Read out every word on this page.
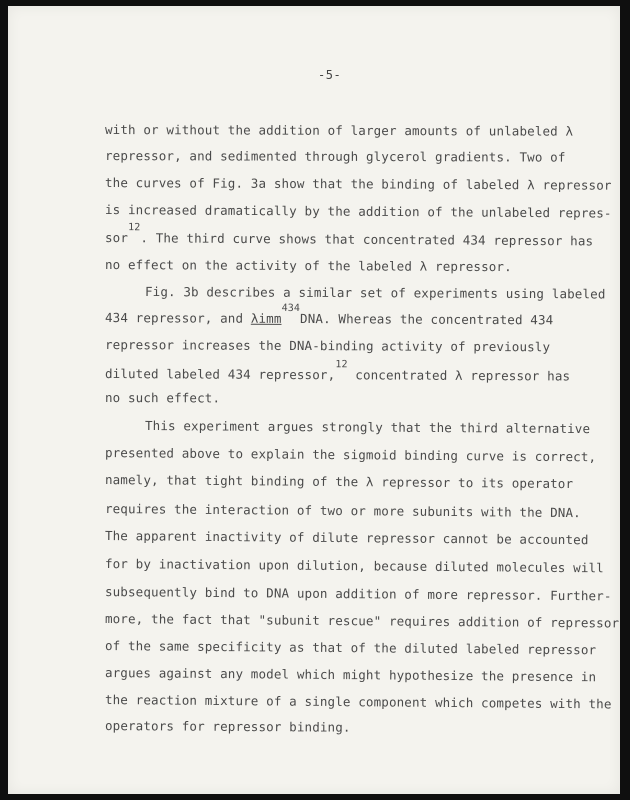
-5-
with or without the addition of larger amounts of unlabeled λ
repressor, and sedimented through glycerol gradients. Two of
the curves of Fig. 3a show that the binding of labeled λ repressor
is increased dramatically by the addition of the unlabeled repres-
sor$^{12}$. The third curve shows that concentrated 434 repressor has
no effect on the activity of the labeled λ repressor.
Fig. 3b describes a similar set of experiments using labeled
434 repressor, and λimm$^{434}$DNA. Whereas the concentrated 434
repressor increases the DNA-binding activity of previously
diluted labeled 434 repressor,$^{12}$ concentrated λ repressor has
no such effect.
This experiment argues strongly that the third alternative
presented above to explain the sigmoid binding curve is correct,
namely, that tight binding of the λ repressor to its operator
requires the interaction of two or more subunits with the DNA.
The apparent inactivity of dilute repressor cannot be accounted
for by inactivation upon dilution, because diluted molecules will
subsequently bind to DNA upon addition of more repressor. Further-
more, the fact that "subunit rescue" requires addition of repressor
of the same specificity as that of the diluted labeled repressor
argues against any model which might hypothesize the presence in
the reaction mixture of a single component which competes with the
operators for repressor binding.
